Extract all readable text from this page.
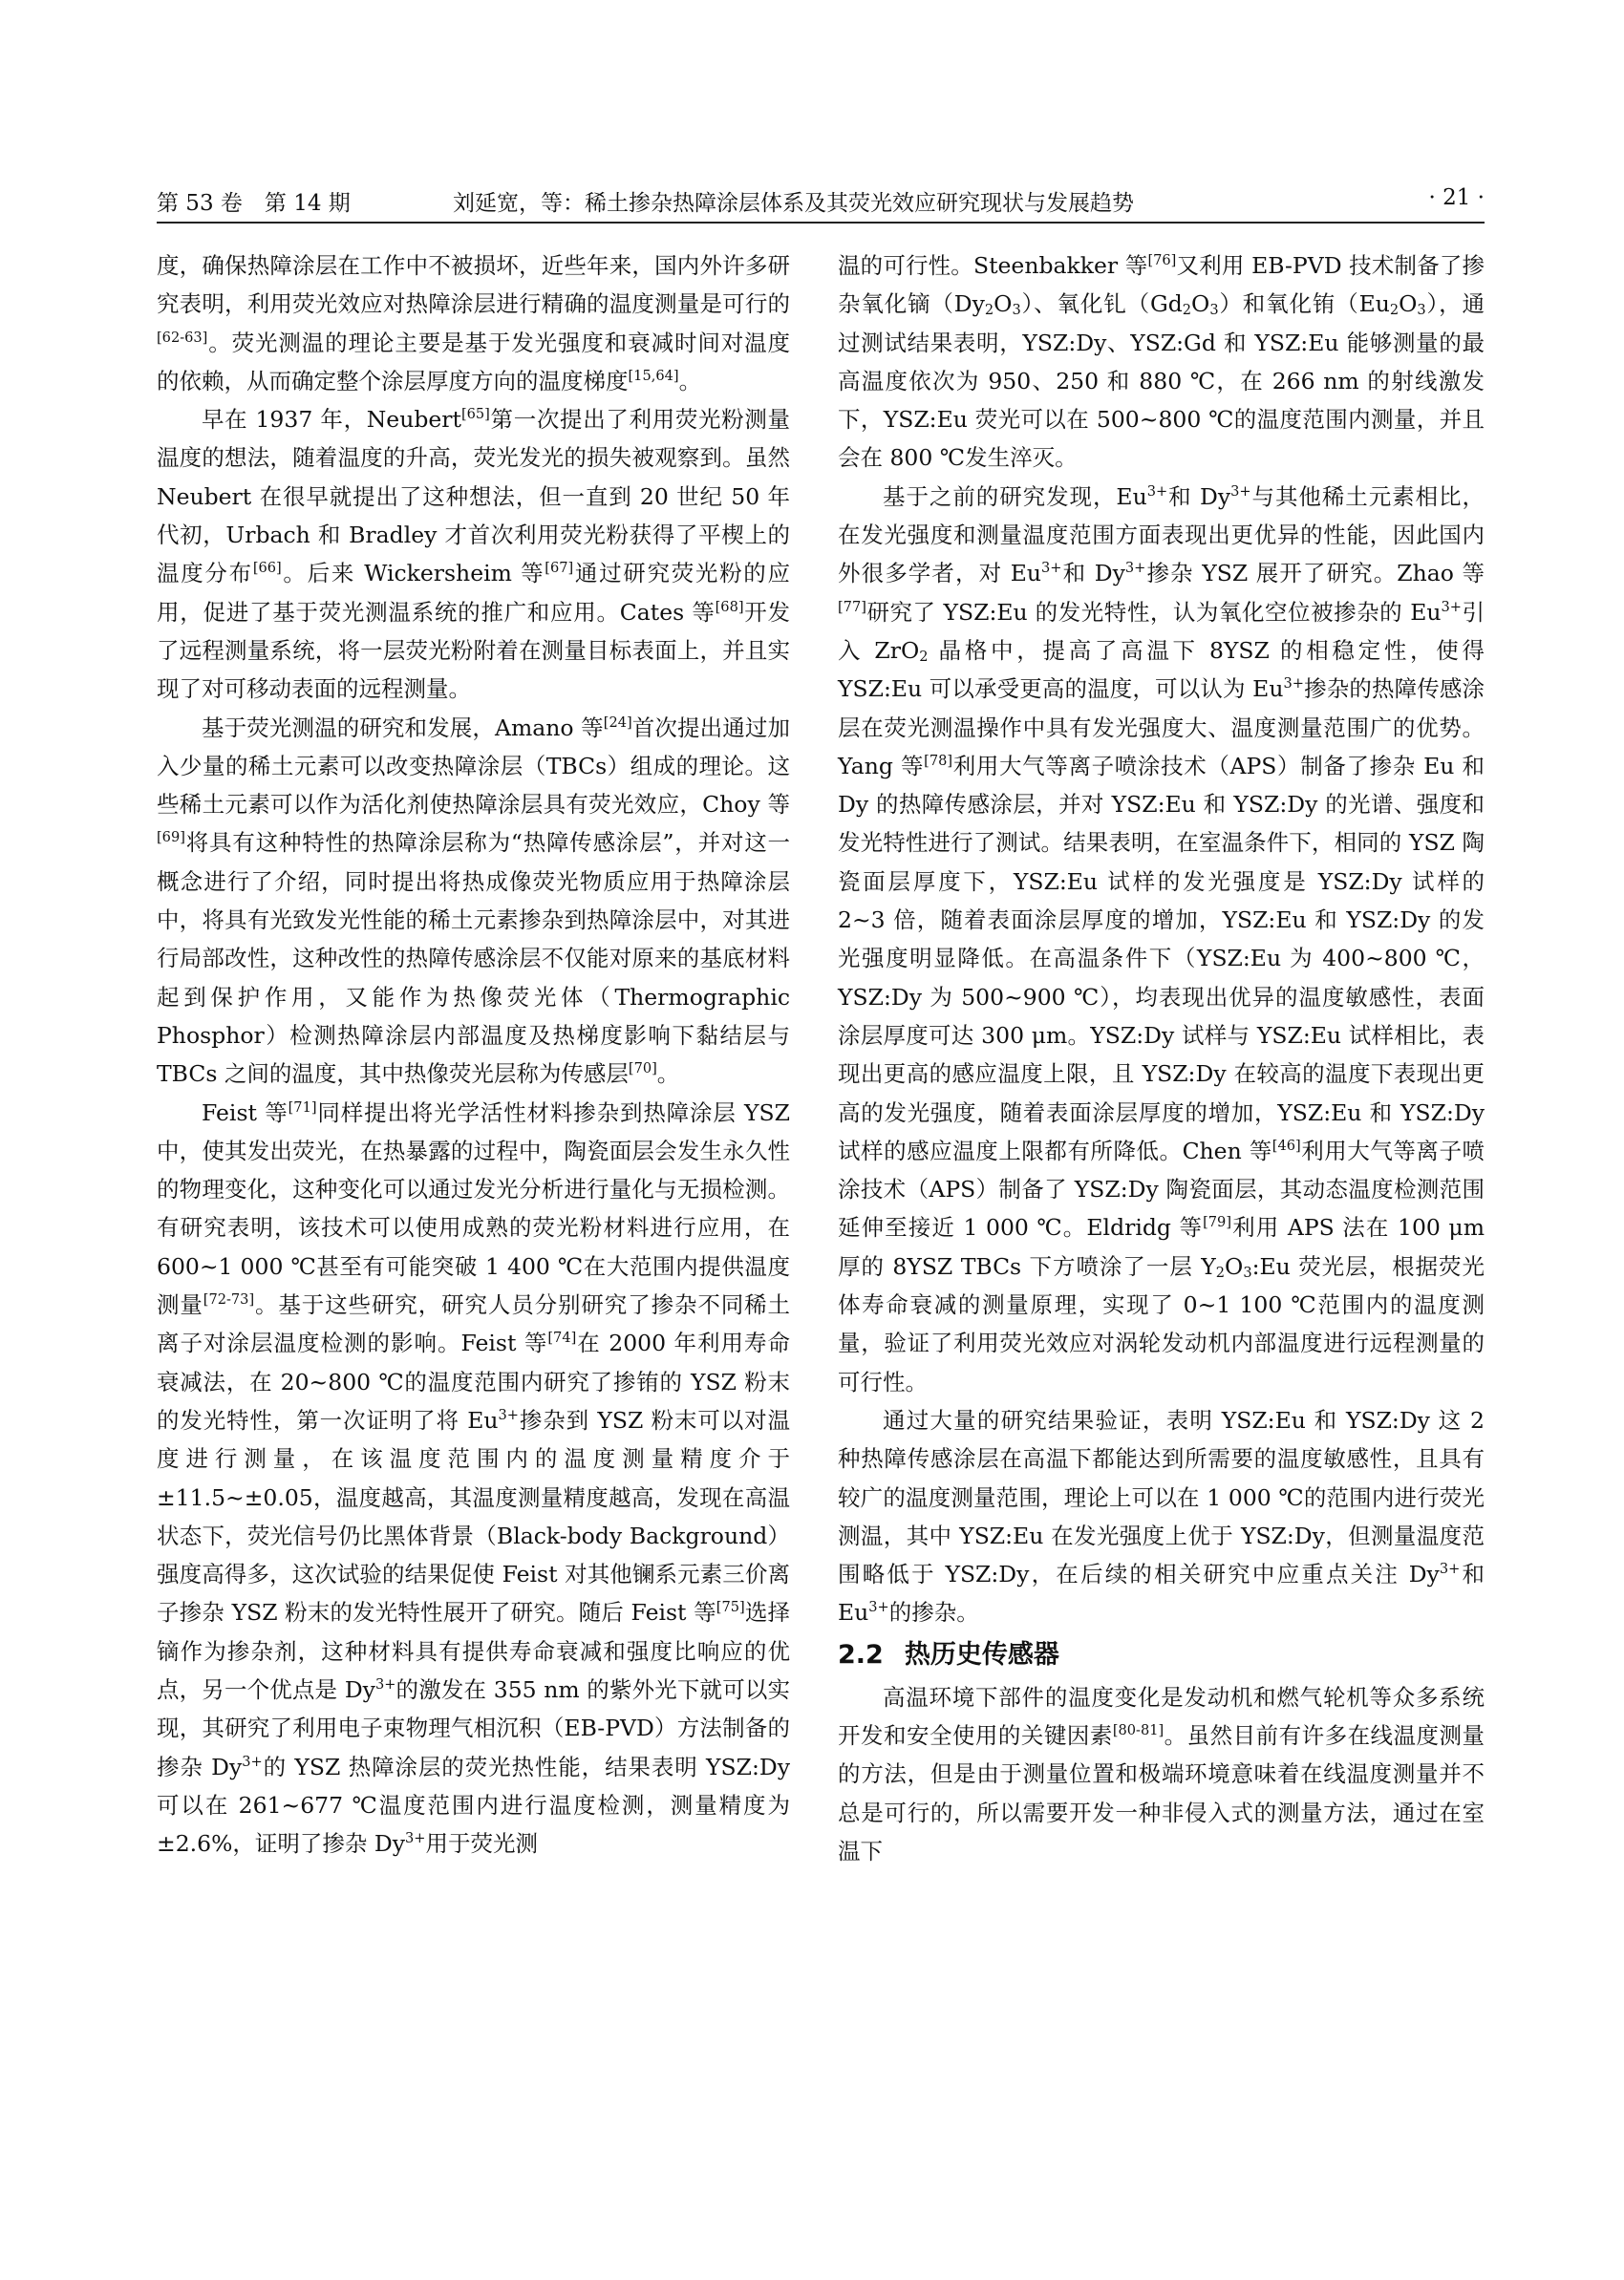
第 53 卷　第 14 期	刘延宽，等：稀土掺杂热障涂层体系及其荧光效应研究现状与发展趋势	· 21 ·

度，确保热障涂层在工作中不被损坏，近些年来，国内外许多研究表明，利用荧光效应对热障涂层进行精确的温度测量是可行的[62-63]。荧光测温的理论主要是基于发光强度和衰减时间对温度的依赖，从而确定整个涂层厚度方向的温度梯度[15,64]。

早在 1937 年，Neubert[65]第一次提出了利用荧光粉测量温度的想法，随着温度的升高，荧光发光的损失被观察到。虽然 Neubert 在很早就提出了这种想法，但一直到 20 世纪 50 年代初，Urbach 和 Bradley 才首次利用荧光粉获得了平楔上的温度分布[66]。后来 Wickersheim 等[67]通过研究荧光粉的应用，促进了基于荧光测温系统的推广和应用。Cates 等[68]开发了远程测量系统，将一层荧光粉附着在测量目标表面上，并且实现了对可移动表面的远程测量。

基于荧光测温的研究和发展，Amano 等[24]首次提出通过加入少量的稀土元素可以改变热障涂层（TBCs）组成的理论。这些稀土元素可以作为活化剂使热障涂层具有荧光效应，Choy 等[69]将具有这种特性的热障涂层称为“热障传感涂层”，并对这一概念进行了介绍，同时提出将热成像荧光物质应用于热障涂层中，将具有光致发光性能的稀土元素掺杂到热障涂层中，对其进行局部改性，这种改性的热障传感涂层不仅能对原来的基底材料起到保护作用，又能作为热像荧光体（Thermographic Phosphor）检测热障涂层内部温度及热梯度影响下黏结层与 TBCs 之间的温度，其中热像荧光层称为传感层[70]。

Feist 等[71]同样提出将光学活性材料掺杂到热障涂层 YSZ 中，使其发出荧光，在热暴露的过程中，陶瓷面层会发生永久性的物理变化，这种变化可以通过发光分析进行量化与无损检测。有研究表明，该技术可以使用成熟的荧光粉材料进行应用，在 600~1 000 ℃甚至有可能突破 1 400 ℃在大范围内提供温度测量[72-73]。基于这些研究，研究人员分别研究了掺杂不同稀土离子对涂层温度检测的影响。Feist 等[74]在 2000 年利用寿命衰减法，在 20~800 ℃的温度范围内研究了掺铕的 YSZ 粉末的发光特性，第一次证明了将 $Eu^{3+}$掺杂到 YSZ 粉末可以对温度进行测量，在该温度范围内的温度测量精度介于±11.5~±0.05，温度越高，其温度测量精度越高，发现在高温状态下，荧光信号仍比黑体背景（Black-body Background）强度高得多，这次试验的结果促使 Feist 对其他镧系元素三价离子掺杂 YSZ 粉末的发光特性展开了研究。随后 Feist 等[75]选择镝作为掺杂剂，这种材料具有提供寿命衰减和强度比响应的优点，另一个优点是 $Dy^{3+}$的激发在 355 nm 的紫外光下就可以实现，其研究了利用电子束物理气相沉积（EB-PVD）方法制备的掺杂 $Dy^{3+}$的 YSZ 热障涂层的荧光热性能，结果表明 YSZ:Dy 可以在 261~677 ℃温度范围内进行温度检测，测量精度为±2.6%，证明了掺杂 $Dy^{3+}$用于荧光测

温的可行性。Steenbakker 等[76]又利用 EB-PVD 技术制备了掺杂氧化镝$(Dy_2O_3)$、氧化钆$(Gd_2O_3)$和氧化铕$(Eu_2O_3)$，通过测试结果表明，YSZ:Dy、YSZ:Gd 和 YSZ:Eu 能够测量的最高温度依次为 950、250 和 880 ℃，在 266 nm 的射线激发下，YSZ:Eu 荧光可以在 500~800 ℃的温度范围内测量，并且会在 800 ℃发生淬灭。

基于之前的研究发现，$Eu^{3+}$和 $Dy^{3+}$与其他稀土元素相比，在发光强度和测量温度范围方面表现出更优异的性能，因此国内外很多学者，对 $Eu^{3+}$和 $Dy^{3+}$掺杂 YSZ 展开了研究。Zhao 等[77]研究了 YSZ:Eu 的发光特性，认为氧化空位被掺杂的 $Eu^{3+}$引入 ZrO$_2$ 晶格中，提高了高温下 8YSZ 的相稳定性，使得 YSZ:Eu 可以承受更高的温度，可以认为 $Eu^{3+}$掺杂的热障传感涂层在荧光测温操作中具有发光强度大、温度测量范围广的优势。Yang 等[78]利用大气等离子喷涂技术（APS）制备了掺杂 Eu 和 Dy 的热障传感涂层，并对 YSZ:Eu 和 YSZ:Dy 的光谱、强度和发光特性进行了测试。结果表明，在室温条件下，相同的 YSZ 陶瓷面层厚度下，YSZ:Eu 试样的发光强度是 YSZ:Dy 试样的 2~3 倍，随着表面涂层厚度的增加，YSZ:Eu 和 YSZ:Dy 的发光强度明显降低。在高温条件下（YSZ:Eu 为 400~800 ℃，YSZ:Dy 为 500~900 ℃），均表现出优异的温度敏感性，表面涂层厚度可达 300 μm。YSZ:Dy 试样与 YSZ:Eu 试样相比，表现出更高的感应温度上限，且 YSZ:Dy 在较高的温度下表现出更高的发光强度，随着表面涂层厚度的增加，YSZ:Eu 和 YSZ:Dy 试样的感应温度上限都有所降低。Chen 等[46]利用大气等离子喷涂技术（APS）制备了 YSZ:Dy 陶瓷面层，其动态温度检测范围延伸至接近 1 000 ℃。Eldridg 等[79]利用 APS 法在 100 μm 厚的 8YSZ TBCs 下方喷涂了一层 $Y_2O_3:Eu$ 荧光层，根据荧光体寿命衰减的测量原理，实现了 0~1 100 ℃范围内的温度测量，验证了利用荧光效应对涡轮发动机内部温度进行远程测量的可行性。

通过大量的研究结果验证，表明 YSZ:Eu 和 YSZ:Dy 这 2 种热障传感涂层在高温下都能达到所需要的温度敏感性，且具有较广的温度测量范围，理论上可以在 1 000 ℃的范围内进行荧光测温，其中 YSZ:Eu 在发光强度上优于 YSZ:Dy，但测量温度范围略低于 YSZ:Dy，在后续的相关研究中应重点关注 $Dy^{3+}$和 $Eu^{3+}$的掺杂。

2.2 热历史传感器

高温环境下部件的温度变化是发动机和燃气轮机等众多系统开发和安全使用的关键因素[80-81]。虽然目前有许多在线温度测量的方法，但是由于测量位置和极端环境意味着在线温度测量并不总是可行的，所以需要开发一种非侵入式的测量方法，通过在室温下
